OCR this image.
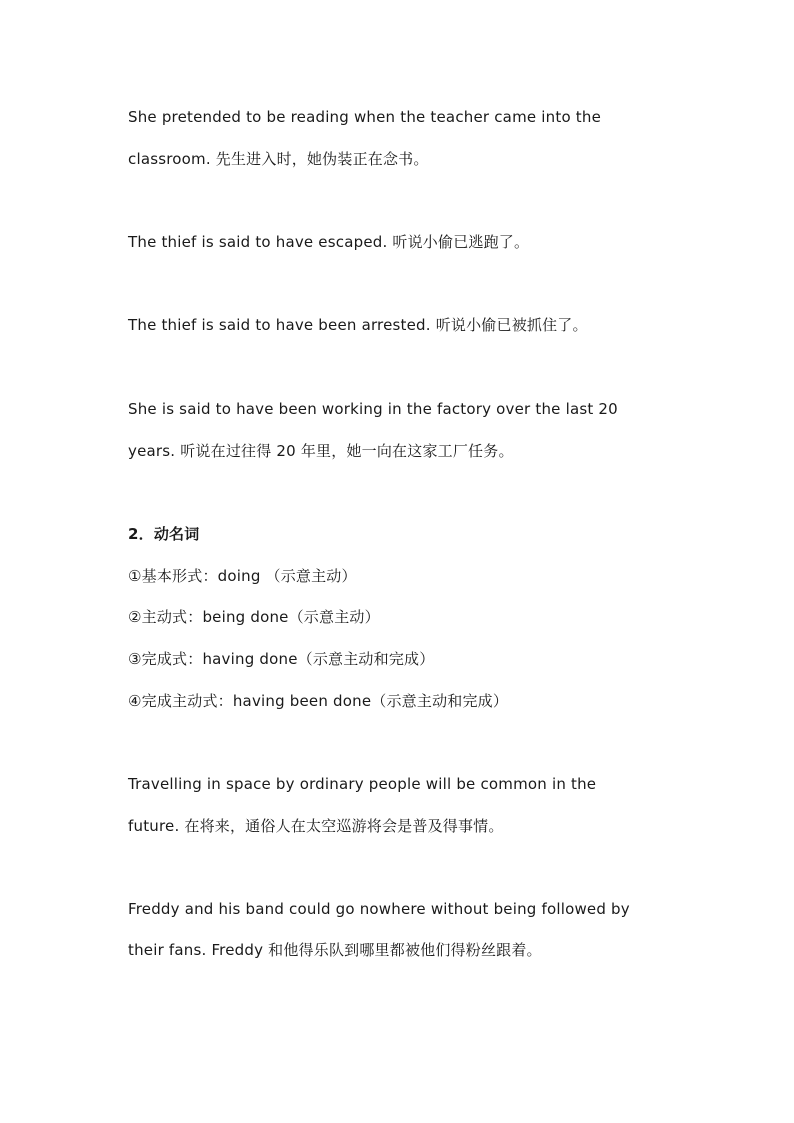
She pretended to be reading when the teacher came into the
classroom. 先生进入时，她伪装正在念书。
The thief is said to have escaped. 听说小偷已逃跑了。
The thief is said to have been arrested. 听说小偷已被抓住了。
She is said to have been working in the factory over the last 20
years. 听说在过往得 20 年里，她一向在这家工厂任务。
2．动名词
①基本形式：doing （示意主动）
②主动式：being done（示意主动）
③完成式：having done（示意主动和完成）
④完成主动式：having been done（示意主动和完成）
Travelling in space by ordinary people will be common in the
future. 在将来，通俗人在太空巡游将会是普及得事情。
Freddy and his band could go nowhere without being followed by
their fans. Freddy 和他得乐队到哪里都被他们得粉丝跟着。
